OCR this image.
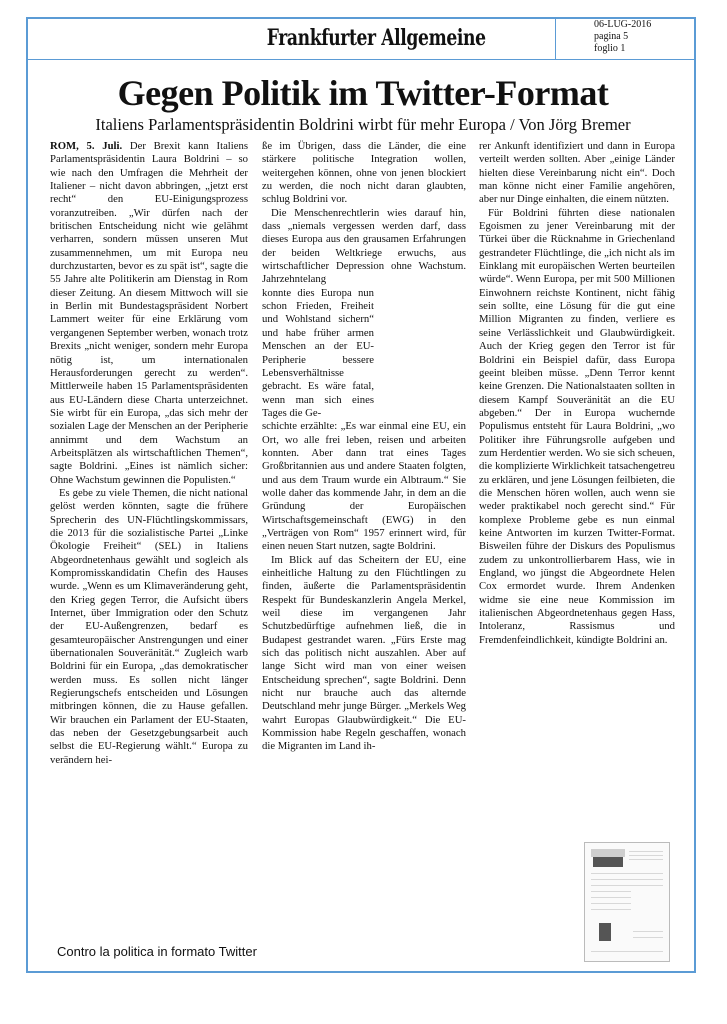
Frankfurter Allgemeine
06-LUG-2016
pagina 5
foglio 1
Gegen Politik im Twitter-Format
Italiens Parlamentspräsidentin Boldrini wirbt für mehr Europa / Von Jörg Bremer

ROM, 5. Juli. Der Brexit kann Italiens Parlamentspräsidentin Laura Boldrini – so wie nach den Umfragen die Mehrheit der Italiener – nicht davon abbringen, „jetzt erst recht“ den EU-Einigungsprozess voranzutreiben. „Wir dürfen nach der britischen Entscheidung nicht wie gelähmt verharren, sondern müssen unseren Mut zusammennehmen, um mit Europa neu durchzustarten, bevor es zu spät ist“, sagte die 55 Jahre alte Politikerin am Dienstag in Rom dieser Zeitung. An diesem Mittwoch will sie in Berlin mit Bundestagspräsident Norbert Lammert weiter für eine Erklärung vom vergangenen September werben, wonach trotz Brexits „nicht weniger, sondern mehr Europa nötig ist, um internationalen Herausforderungen gerecht zu werden“. Mittlerweile haben 15 Parlamentspräsidenten aus EU-Ländern diese Charta unterzeichnet. Sie wirbt für ein Europa, „das sich mehr der sozialen Lage der Menschen an der Peripherie annimmt und dem Wachstum an Arbeitsplätzen als wirtschaftlichen Themen“, sagte Boldrini. „Eines ist nämlich sicher: Ohne Wachstum gewinnen die Populisten.“

Es gebe zu viele Themen, die nicht national gelöst werden könnten, sagte die frühere Sprecherin des UN-Flüchtlingskommissars, die 2013 für die sozialistische Partei „Linke Ökologie Freiheit“ (SEL) in Italiens Abgeordnetenhaus gewählt und sogleich als Kompromisskandidatin Chefin des Hauses wurde. „Wenn es um Klimaveränderung geht, den Krieg gegen Terror, die Aufsicht übers Internet, über Immigration oder den Schutz der EU-Außengrenzen, bedarf es gesamteuropäischer Anstrengungen und einer übernationalen Souveränität.“ Zugleich warb Boldrini für ein Europa, „das demokratischer werden muss. Es sollen nicht länger Regierungschefs entscheiden und Lösungen mitbringen können, die zu Hause gefallen. Wir brauchen ein Parlament der EU-Staaten, das neben der Gesetzgebungsarbeit auch selbst die EU-Regierung wählt.“ Europa zu verändern hei-

ße im Übrigen, dass die Länder, die eine stärkere politische Integration wollen, weitergehen können, ohne von jenen blockiert zu werden, die noch nicht daran glaubten, schlug Boldrini vor.

Die Menschenrechtlerin wies darauf hin, dass „niemals vergessen werden darf, dass dieses Europa aus den grausamen Erfahrungen der beiden Weltkriege erwuchs, aus wirtschaftlicher Depression ohne Wachstum. Jahrzehntelang

konnte dies Europa nun schon Frieden, Freiheit und Wohlstand sichern“ und habe früher armen Menschen an der EU-Peripherie bessere Lebensverhältnisse gebracht. Es wäre fatal, wenn man sich eines Tages die Ge-

schichte erzählte: „Es war einmal eine EU, ein Ort, wo alle frei leben, reisen und arbeiten konnten. Aber dann trat eines Tages Großbritannien aus und andere Staaten folgten, und aus dem Traum wurde ein Albtraum.“ Sie wolle daher das kommende Jahr, in dem an die Gründung der Europäischen Wirtschaftsgemeinschaft (EWG) in den „Verträgen von Rom“ 1957 erinnert wird, für einen neuen Start nutzen, sagte Boldrini.

Im Blick auf das Scheitern der EU, eine einheitliche Haltung zu den Flüchtlingen zu finden, äußerte die Parlamentspräsidentin Respekt für Bundeskanzlerin Angela Merkel, weil diese im vergangenen Jahr Schutzbedürftige aufnehmen ließ, die in Budapest gestrandet waren. „Fürs Erste mag sich das politisch nicht auszahlen. Aber auf lange Sicht wird man von einer weisen Entscheidung sprechen“, sagte Boldrini. Denn nicht nur brauche auch das alternde Deutschland mehr junge Bürger. „Merkels Weg wahrt Europas Glaubwürdigkeit.“ Die EU-Kommission habe Regeln geschaffen, wonach die Migranten im Land ih-

rer Ankunft identifiziert und dann in Europa verteilt werden sollten. Aber „einige Länder hielten diese Vereinbarung nicht ein“. Doch man könne nicht einer Familie angehören, aber nur Dinge einhalten, die einem nützten.

Für Boldrini führten diese nationalen Egoismen zu jener Vereinbarung mit der Türkei über die Rücknahme in Griechenland gestrandeter Flüchtlinge, die „ich nicht als im Einklang mit europäischen Werten beurteilen würde“. Wenn Europa, per mit 500 Millionen Einwohnern reichste Kontinent, nicht fähig sein sollte, eine Lösung für die gut eine Million Migranten zu finden, verliere es seine Verlässlichkeit und Glaubwürdigkeit. Auch der Krieg gegen den Terror ist für Boldrini ein Beispiel dafür, dass Europa geeint bleiben müsse. „Denn Terror kennt keine Grenzen. Die Nationalstaaten sollten in diesem Kampf Souveränität an die EU abgeben.“ Der in Europa wuchernde Populismus entsteht für Laura Boldrini, „wo Politiker ihre Führungsrolle aufgeben und zum Herdentier werden. Wo sie sich scheuen, die komplizierte Wirklichkeit tatsachengetreu zu erklären, und jene Lösungen feilbieten, die die Menschen hören wollen, auch wenn sie weder praktikabel noch gerecht sind.“ Für komplexe Probleme gebe es nun einmal keine Antworten im kurzen Twitter-Format. Bisweilen führe der Diskurs des Populismus zudem zu unkontrollierbarem Hass, wie in England, wo jüngst die Abgeordnete Helen Cox ermordet wurde. Ihrem Andenken widme sie eine neue Kommission im italienischen Abgeordnetenhaus gegen Hass, Intoleranz, Rassismus und Fremdenfeindlichkeit, kündigte Boldrini an.

Contro la politica in formato Twitter
